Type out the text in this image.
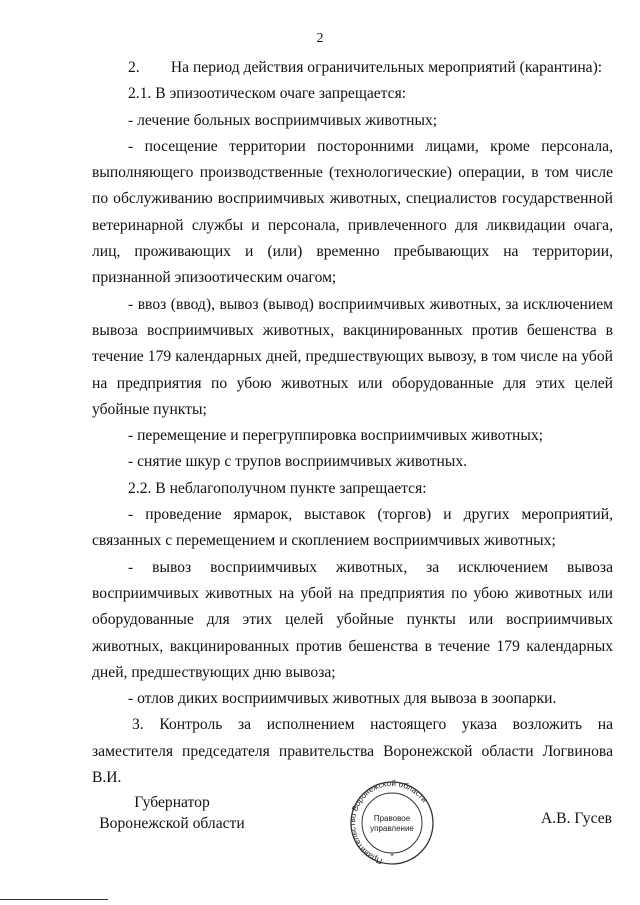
2

2.  На период действия ограничительных мероприятий (карантина):

2.1. В эпизоотическом очаге запрещается:

- лечение больных восприимчивых животных;

- посещение территории посторонними лицами, кроме персонала, выполняющего производственные (технологические) операции, в том числе по обслуживанию восприимчивых животных, специалистов государственной ветеринарной службы и персонала, привлеченного для ликвидации очага, лиц, проживающих и (или) временно пребывающих на территории, признанной эпизоотическим очагом;

- ввоз (ввод), вывоз (вывод) восприимчивых животных, за исключением вывоза восприимчивых животных, вакцинированных против бешенства в течение 179 календарных дней, предшествующих вывозу, в том числе на убой на предприятия по убою животных или оборудованные для этих целей убойные пункты;

- перемещение и перегруппировка восприимчивых животных;

- снятие шкур с трупов восприимчивых животных.

2.2. В неблагополучном пункте запрещается:

- проведение ярмарок, выставок (торгов) и других мероприятий, связанных с перемещением и скоплением восприимчивых животных;

- вывоз восприимчивых животных, за исключением вывоза восприимчивых животных на убой на предприятия по убою животных или оборудованные для этих целей убойные пункты или восприимчивых животных, вакцинированных против бешенства в течение 179 календарных дней, предшествующих дню вывоза;

- отлов диких восприимчивых животных для вывоза в зоопарки.

3. Контроль за исполнением настоящего указа возложить на заместителя председателя правительства Воронежской области Логвинова В.И.

Губернатор
Воронежской области
Правительство Воронежской области
Правовое
управление
*
А.В. Гусев
